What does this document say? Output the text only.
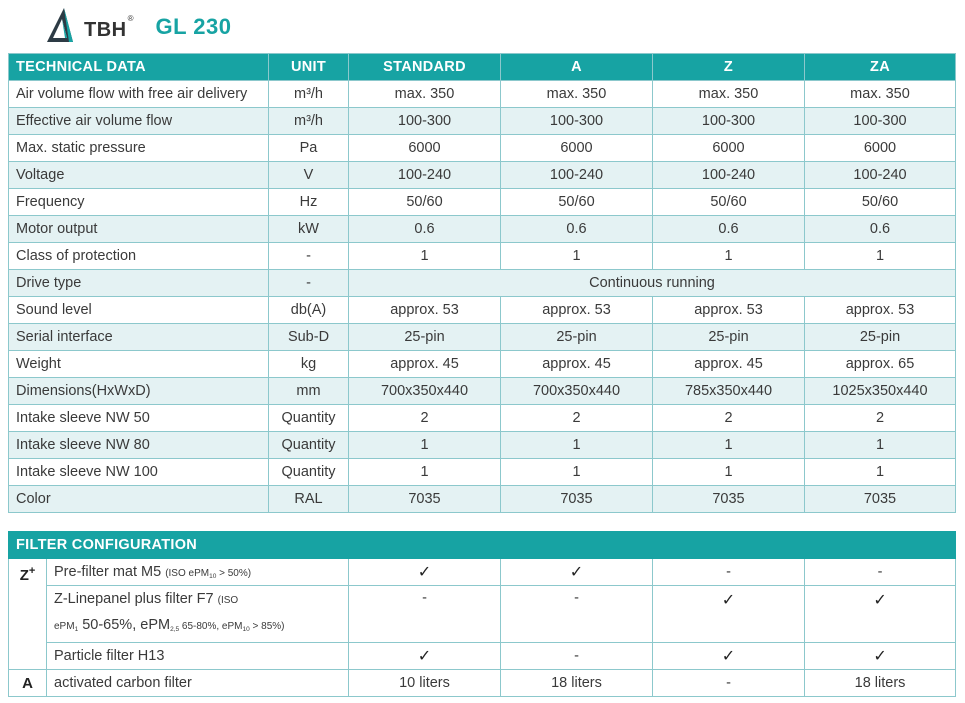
TBH
® GL 230
TECHNICAL DATA	UNIT	STANDARD	A	Z	ZA
Air volume flow with free air delivery	m³/h	max. 350	max. 350	max. 350	max. 350
Effective air volume flow	m³/h	100-300	100-300	100-300	100-300
Max. static pressure	Pa	6000	6000	6000	6000
Voltage	V	100-240	100-240	100-240	100-240
Frequency	Hz	50/60	50/60	50/60	50/60
Motor output	kW	0.6	0.6	0.6	0.6
Class of protection	-	1	1	1	1
Drive type	-	Continuous running			
Sound level	db(A)	approx. 53	approx. 53	approx. 53	approx. 53
Serial interface	Sub-D	25-pin	25-pin	25-pin	25-pin
Weight	kg	approx. 45	approx. 45	approx. 45	approx. 65
Dimensions(HxWxD)	mm	700x350x440	700x350x440	785x350x440	1025x350x440
Intake sleeve NW 50	Quantity	2	2	2	2
Intake sleeve NW 80	Quantity	1	1	1	1
Intake sleeve NW 100	Quantity	1	1	1	1
Color	RAL	7035	7035	7035	7035
FILTER CONFIGURATION					
Z+	Pre-filter mat M5 (ISO ePM$_{10}$ > 50%)	✓	✓	-	-
	Z-Linepanel plus filter F7 (ISO
ePM$_1$ 50-65%, ePM$_{2,5}$ 65-80%, ePM$_{10}$ > 85%)	-	-	✓	✓
	Particle filter H13	✓	-	✓	✓
A	activated carbon filter	10 liters	18 liters	-	18 liters
